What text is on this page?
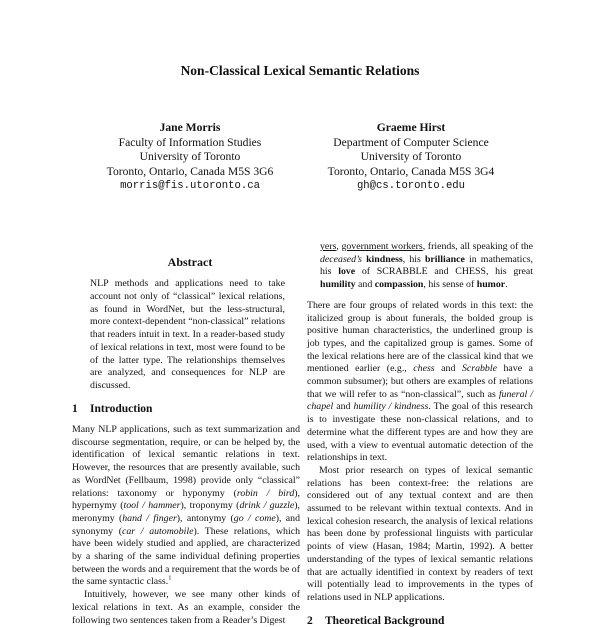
Non-Classical Lexical Semantic Relations
Jane Morris
Faculty of Information Studies
University of Toronto
Toronto, Ontario, Canada M5S 3G6
morris@fis.utoronto.ca
Graeme Hirst
Department of Computer Science
University of Toronto
Toronto, Ontario, Canada M5S 3G4
gh@cs.toronto.edu
Abstract
NLP methods and applications need to take account not only of “classical” lexical relations, as found in WordNet, but the less-structural, more context-dependent “non-classical” relations that readers intuit in text. In a reader-based study of lexical relations in text, most were found to be of the latter type. The relationships themselves are analyzed, and consequences for NLP are discussed.
1 Introduction

Many NLP applications, such as text summarization and discourse segmentation, require, or can be helped by, the identification of lexical semantic relations in text. However, the resources that are presently available, such as WordNet (Fellbaum, 1998) provide only “classical” relations: taxonomy or hyponymy (robin / bird), hypernymy (tool / hammer), troponymy (drink / guzzle), meronymy (hand / finger), antonymy (go / come), and synonymy (car / automobile). These relations, which have been widely studied and applied, are characterized by a sharing of the same individual defining properties between the words and a requirement that the words be of the same syntactic class.$^1$

Intuitively, however, we see many other kinds of lexical relations in text. As an example, consider the following two sentences taken from a Reader’s Digest

yers, government workers, friends, all speaking of the deceased’s kindness, his brilliance in mathematics, his love of SCRABBLE and CHESS, his great humility and compassion, his sense of humor.

There are four groups of related words in this text: the italicized group is about funerals, the bolded group is positive human characteristics, the underlined group is job types, and the capitalized group is games. Some of the lexical relations here are of the classical kind that we mentioned earlier (e.g., chess and Scrabble have a common subsumer); but others are examples of relations that we will refer to as “non-classical”, such as funeral / chapel and humility / kindness. The goal of this research is to investigate these non-classical relations, and to determine what the different types are and how they are used, with a view to eventual automatic detection of the relationships in text.

Most prior research on types of lexical semantic relations has been context-free: the relations are considered out of any textual context and are then assumed to be relevant within textual contexts. And in lexical cohesion research, the analysis of lexical relations has been done by professional linguists with particular points of view (Hasan, 1984; Martin, 1992). A better understanding of the types of lexical semantic relations that are actually identified in context by readers of text will potentially lead to improvements in the types of relations used in NLP applications.

2 Theoretical Background
